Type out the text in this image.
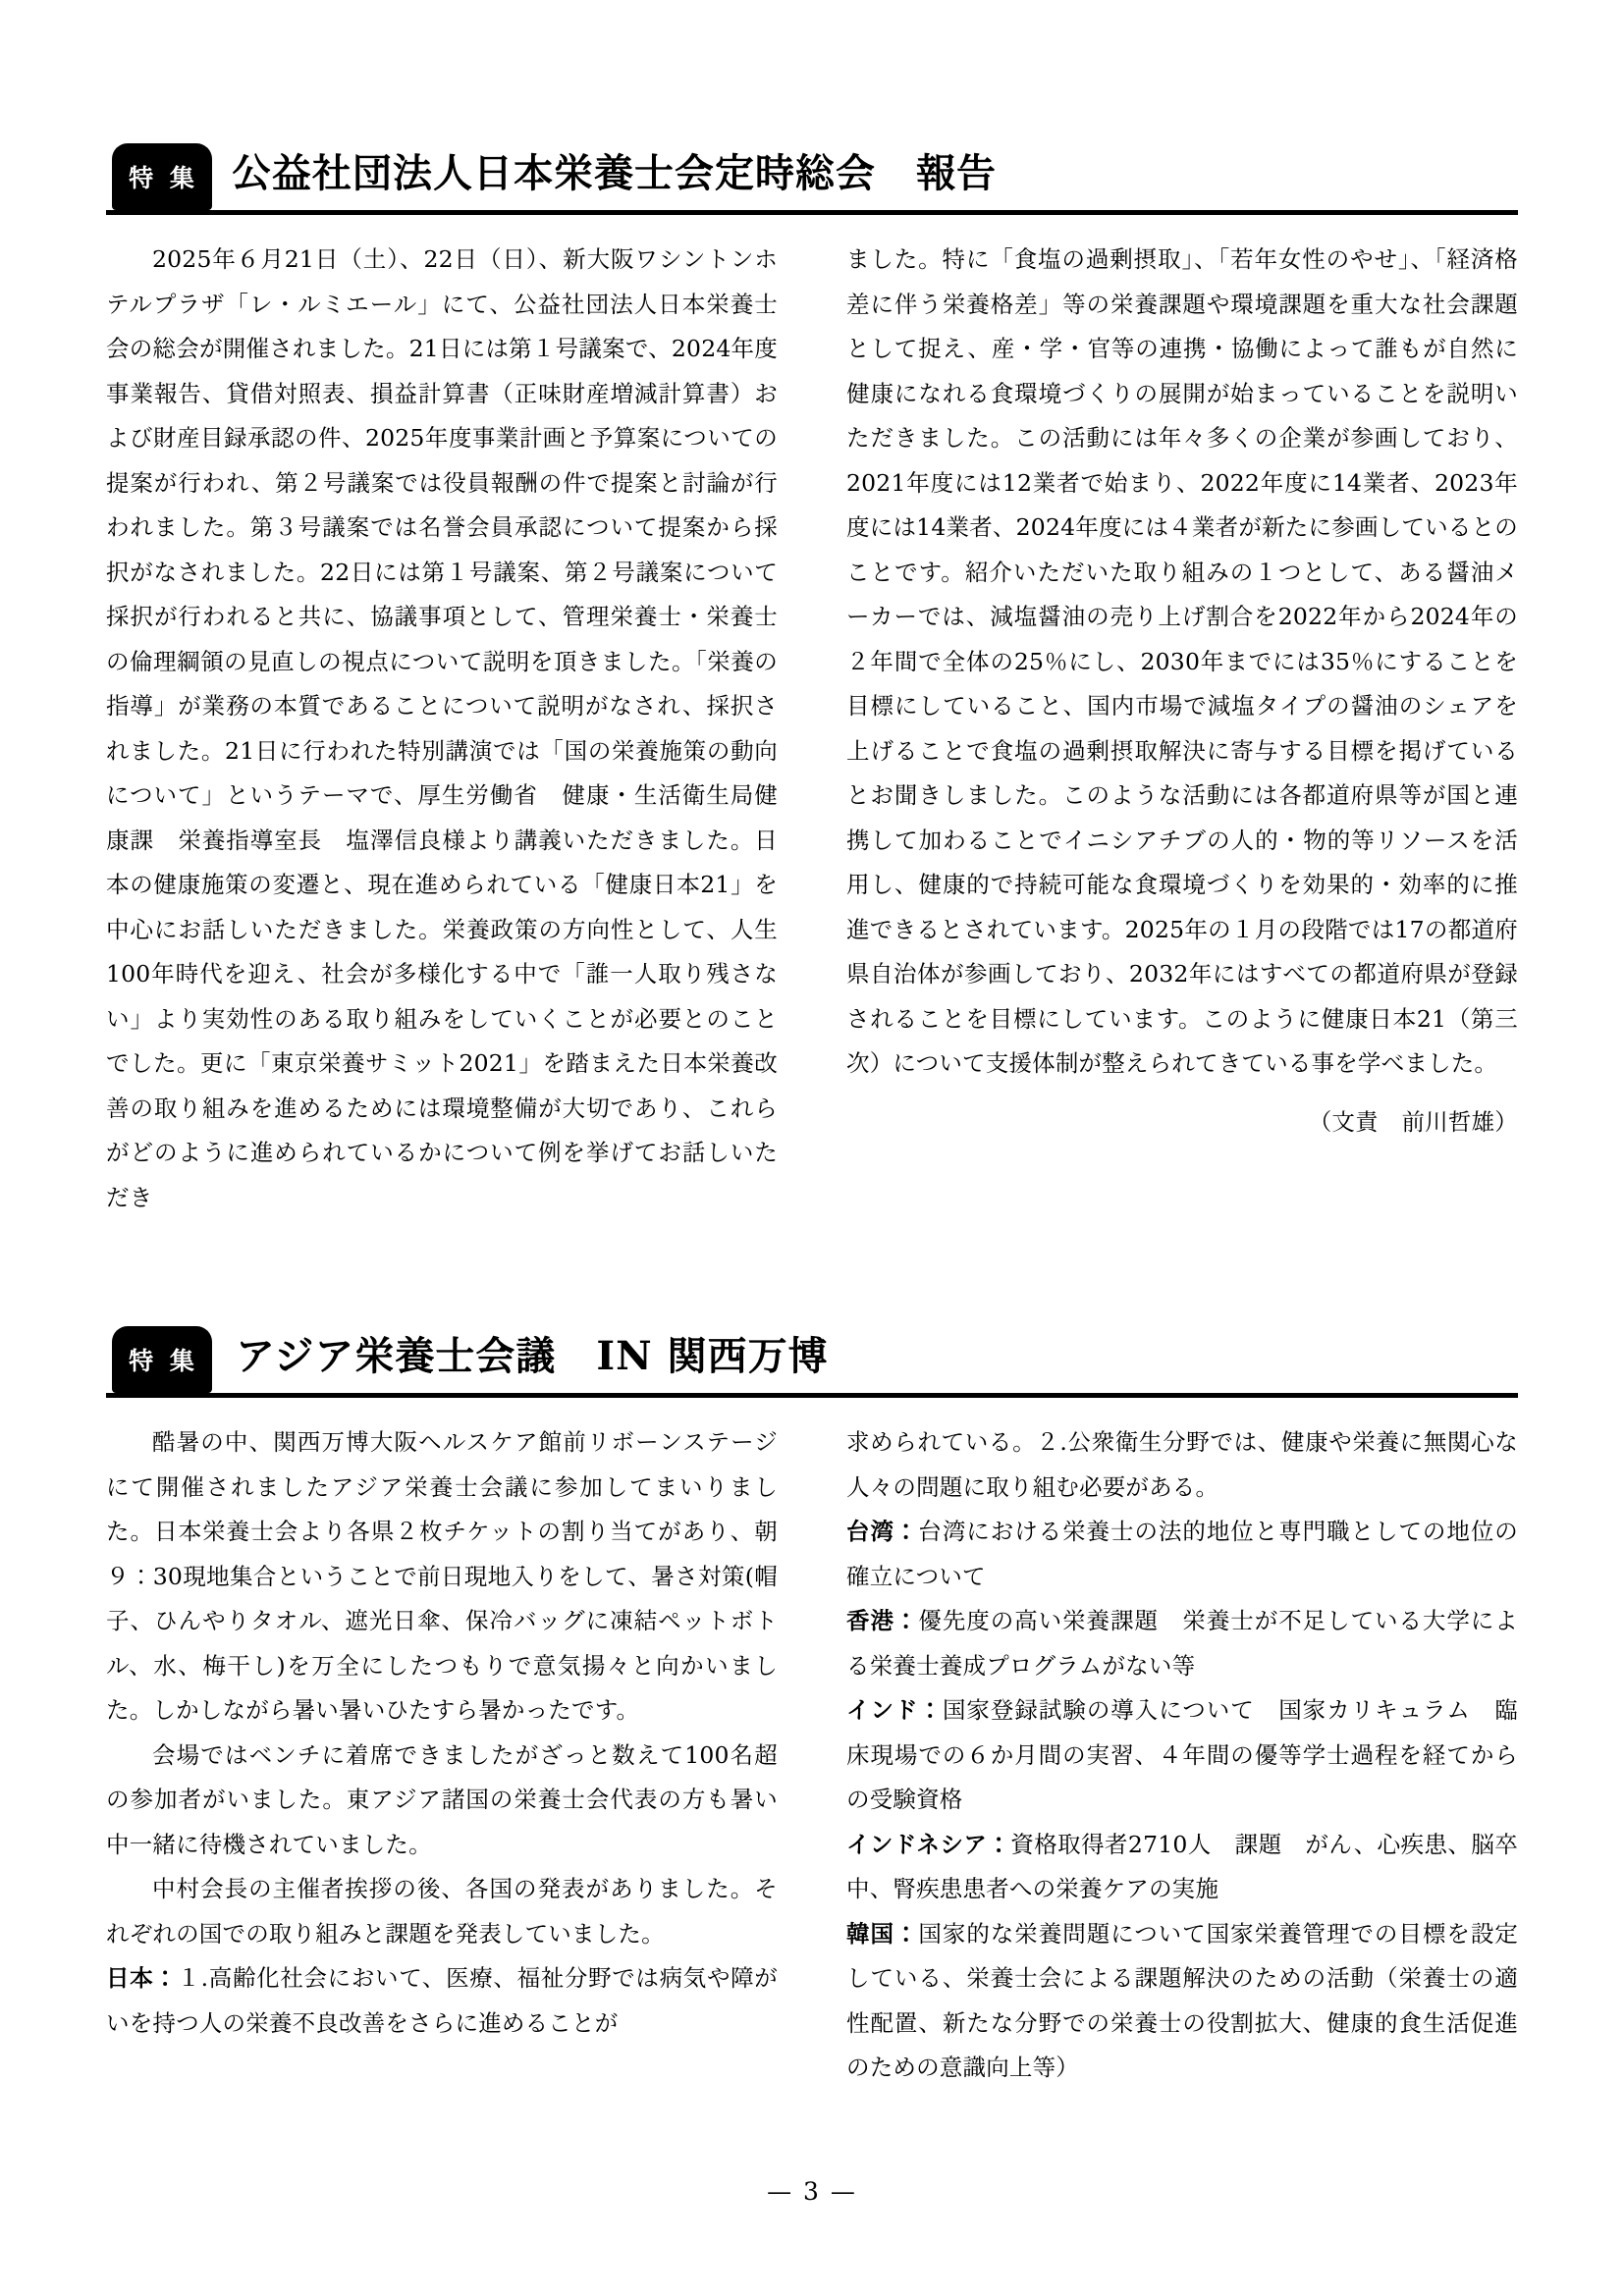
特 集 公益社団法人日本栄養士会定時総会　報告

2025年６月21日（土）、22日（日）、新大阪ワシントンホテルプラザ「レ・ルミエール」にて、公益社団法人日本栄養士会の総会が開催されました。21日には第１号議案で、2024年度事業報告、貸借対照表、損益計算書（正味財産増減計算書）および財産目録承認の件、2025年度事業計画と予算案についての提案が行われ、第２号議案では役員報酬の件で提案と討論が行われました。第３号議案では名誉会員承認について提案から採択がなされました。22日には第１号議案、第２号議案について採択が行われると共に、協議事項として、管理栄養士・栄養士の倫理綱領の見直しの視点について説明を頂きました。「栄養の指導」が業務の本質であることについて説明がなされ、採択されました。21日に行われた特別講演では「国の栄養施策の動向について」というテーマで、厚生労働省　健康・生活衛生局健康課　栄養指導室長　塩澤信良様より講義いただきました。日本の健康施策の変遷と、現在進められている「健康日本21」を中心にお話しいただきました。栄養政策の方向性として、人生100年時代を迎え、社会が多様化する中で「誰一人取り残さない」より実効性のある取り組みをしていくことが必要とのことでした。更に「東京栄養サミット2021」を踏まえた日本栄養改善の取り組みを進めるためには環境整備が大切であり、これらがどのように進められているかについて例を挙げてお話しいただき

ました。特に「食塩の過剰摂取」、「若年女性のやせ」、「経済格差に伴う栄養格差」等の栄養課題や環境課題を重大な社会課題として捉え、産・学・官等の連携・協働によって誰もが自然に健康になれる食環境づくりの展開が始まっていることを説明いただきました。この活動には年々多くの企業が参画しており、2021年度には12業者で始まり、2022年度に14業者、2023年度には14業者、2024年度には４業者が新たに参画しているとのことです。紹介いただいた取り組みの１つとして、ある醤油メーカーでは、減塩醤油の売り上げ割合を2022年から2024年の２年間で全体の25％にし、2030年までには35％にすることを目標にしていること、国内市場で減塩タイプの醤油のシェアを上げることで食塩の過剰摂取解決に寄与する目標を掲げているとお聞きしました。このような活動には各都道府県等が国と連携して加わることでイニシアチブの人的・物的等リソースを活用し、健康的で持続可能な食環境づくりを効果的・効率的に推進できるとされています。2025年の１月の段階では17の都道府県自治体が参画しており、2032年にはすべての都道府県が登録されることを目標にしています。このように健康日本21（第三次）について支援体制が整えられてきている事を学べました。

（文責　前川哲雄）

特 集 アジア栄養士会議　IN 関西万博

酷暑の中、関西万博大阪ヘルスケア館前リボーンステージにて開催されましたアジア栄養士会議に参加してまいりました。日本栄養士会より各県２枚チケットの割り当てがあり、朝９：30現地集合ということで前日現地入りをして、暑さ対策(帽子、ひんやりタオル、遮光日傘、保冷バッグに凍結ペットボトル、水、梅干し)を万全にしたつもりで意気揚々と向かいました。しかしながら暑い暑いひたすら暑かったです。

会場ではベンチに着席できましたがざっと数えて100名超の参加者がいました。東アジア諸国の栄養士会代表の方も暑い中一緒に待機されていました。

中村会長の主催者挨拶の後、各国の発表がありました。それぞれの国での取り組みと課題を発表していました。

日本：１.高齢化社会において、医療、福祉分野では病気や障がいを持つ人の栄養不良改善をさらに進めることが

求められている。２.公衆衛生分野では、健康や栄養に無関心な人々の問題に取り組む必要がある。

台湾：台湾における栄養士の法的地位と専門職としての地位の確立について

香港：優先度の高い栄養課題　栄養士が不足している大学による栄養士養成プログラムがない等

インド：国家登録試験の導入について　国家カリキュラム　臨床現場での６か月間の実習、４年間の優等学士過程を経てからの受験資格

インドネシア：資格取得者2710人　課題　がん、心疾患、脳卒中、腎疾患患者への栄養ケアの実施

韓国：国家的な栄養問題について国家栄養管理での目標を設定している、栄養士会による課題解決のための活動（栄養士の適性配置、新たな分野での栄養士の役割拡大、健康的食生活促進のための意識向上等）

— 3 —
